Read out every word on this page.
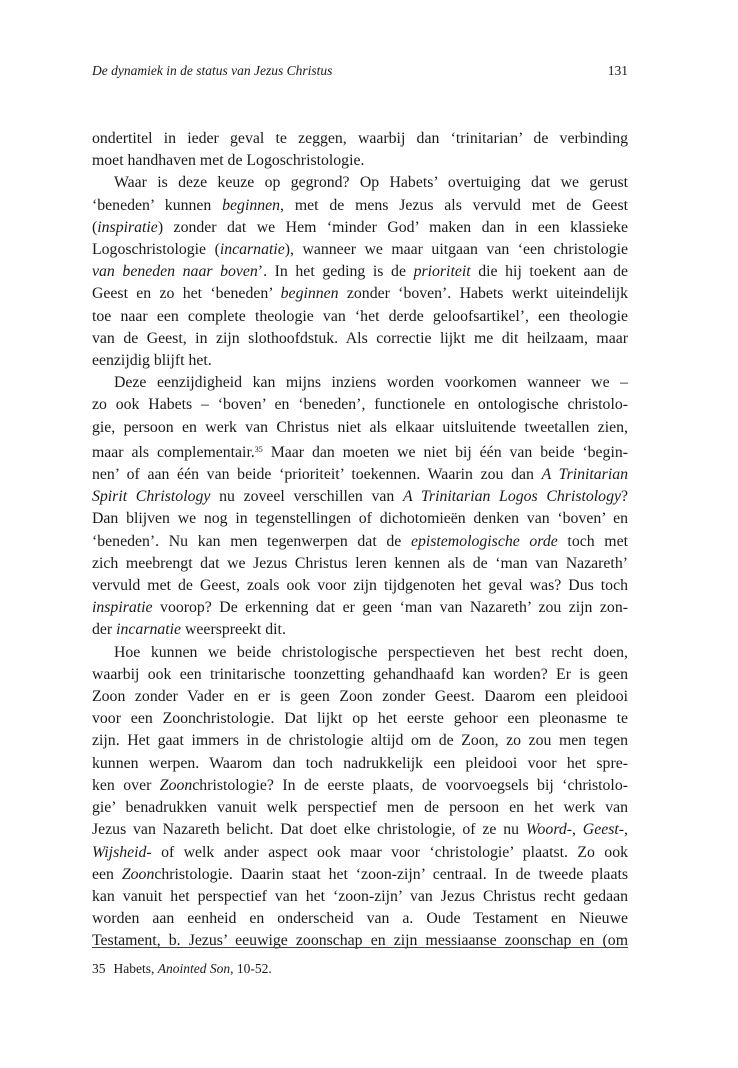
De dynamiek in de status van Jezus Christus	131
ondertitel in ieder geval te zeggen, waarbij dan ‘trinitarian’ de verbinding
moet handhaven met de Logoschristologie.
Waar is deze keuze op gegrond? Op Habets’ overtuiging dat we gerust
‘beneden’ kunnen beginnen, met de mens Jezus als vervuld met de Geest
(inspiratie) zonder dat we Hem ‘minder God’ maken dan in een klassieke
Logoschristologie (incarnatie), wanneer we maar uitgaan van ‘een christologie
van beneden naar boven’. In het geding is de prioriteit die hij toekent aan de
Geest en zo het ‘beneden’ beginnen zonder ‘boven’. Habets werkt uiteindelijk
toe naar een complete theologie van ‘het derde geloofsartikel’, een theologie
van de Geest, in zijn slothoofdstuk. Als correctie lijkt me dit heilzaam, maar
eenzijdig blijft het.
Deze eenzijdigheid kan mijns inziens worden voorkomen wanneer we –
zo ook Habets – ‘boven’ en ‘beneden’, functionele en ontologische christolo-
gie, persoon en werk van Christus niet als elkaar uitsluitende tweetallen zien,
maar als complementair.$^{35}$ Maar dan moeten we niet bij één van beide ‘begin-
nen’ of aan één van beide ‘prioriteit’ toekennen. Waarin zou dan A Trinitarian
Spirit Christology nu zoveel verschillen van A Trinitarian Logos Christology?
Dan blijven we nog in tegenstellingen of dichotomieën denken van ‘boven’ en
‘beneden’. Nu kan men tegenwerpen dat de epistemologische orde toch met
zich meebrengt dat we Jezus Christus leren kennen als de ‘man van Nazareth’
vervuld met de Geest, zoals ook voor zijn tijdgenoten het geval was? Dus toch
inspiratie voorop? De erkenning dat er geen ‘man van Nazareth’ zou zijn zon-
der incarnatie weerspreekt dit.
Hoe kunnen we beide christologische perspectieven het best recht doen,
waarbij ook een trinitarische toonzetting gehandhaafd kan worden? Er is geen
Zoon zonder Vader en er is geen Zoon zonder Geest. Daarom een pleidooi
voor een Zoonchristologie. Dat lijkt op het eerste gehoor een pleonasme te
zijn. Het gaat immers in de christologie altijd om de Zoon, zo zou men tegen
kunnen werpen. Waarom dan toch nadrukkelijk een pleidooi voor het spre-
ken over Zoonchristologie? In de eerste plaats, de voorvoegsels bij ‘christolo-
gie’ benadrukken vanuit welk perspectief men de persoon en het werk van
Jezus van Nazareth belicht. Dat doet elke christologie, of ze nu Woord-, Geest-,
Wijsheid- of welk ander aspect ook maar voor ‘christologie’ plaatst. Zo ook
een Zoonchristologie. Daarin staat het ‘zoon-zijn’ centraal. In de tweede plaats
kan vanuit het perspectief van het ‘zoon-zijn’ van Jezus Christus recht gedaan
worden aan eenheid en onderscheid van a. Oude Testament en Nieuwe
Testament, b. Jezus’ eeuwige zoonschap en zijn messiaanse zoonschap en (om
35 Habets, Anointed Son, 10-52.
